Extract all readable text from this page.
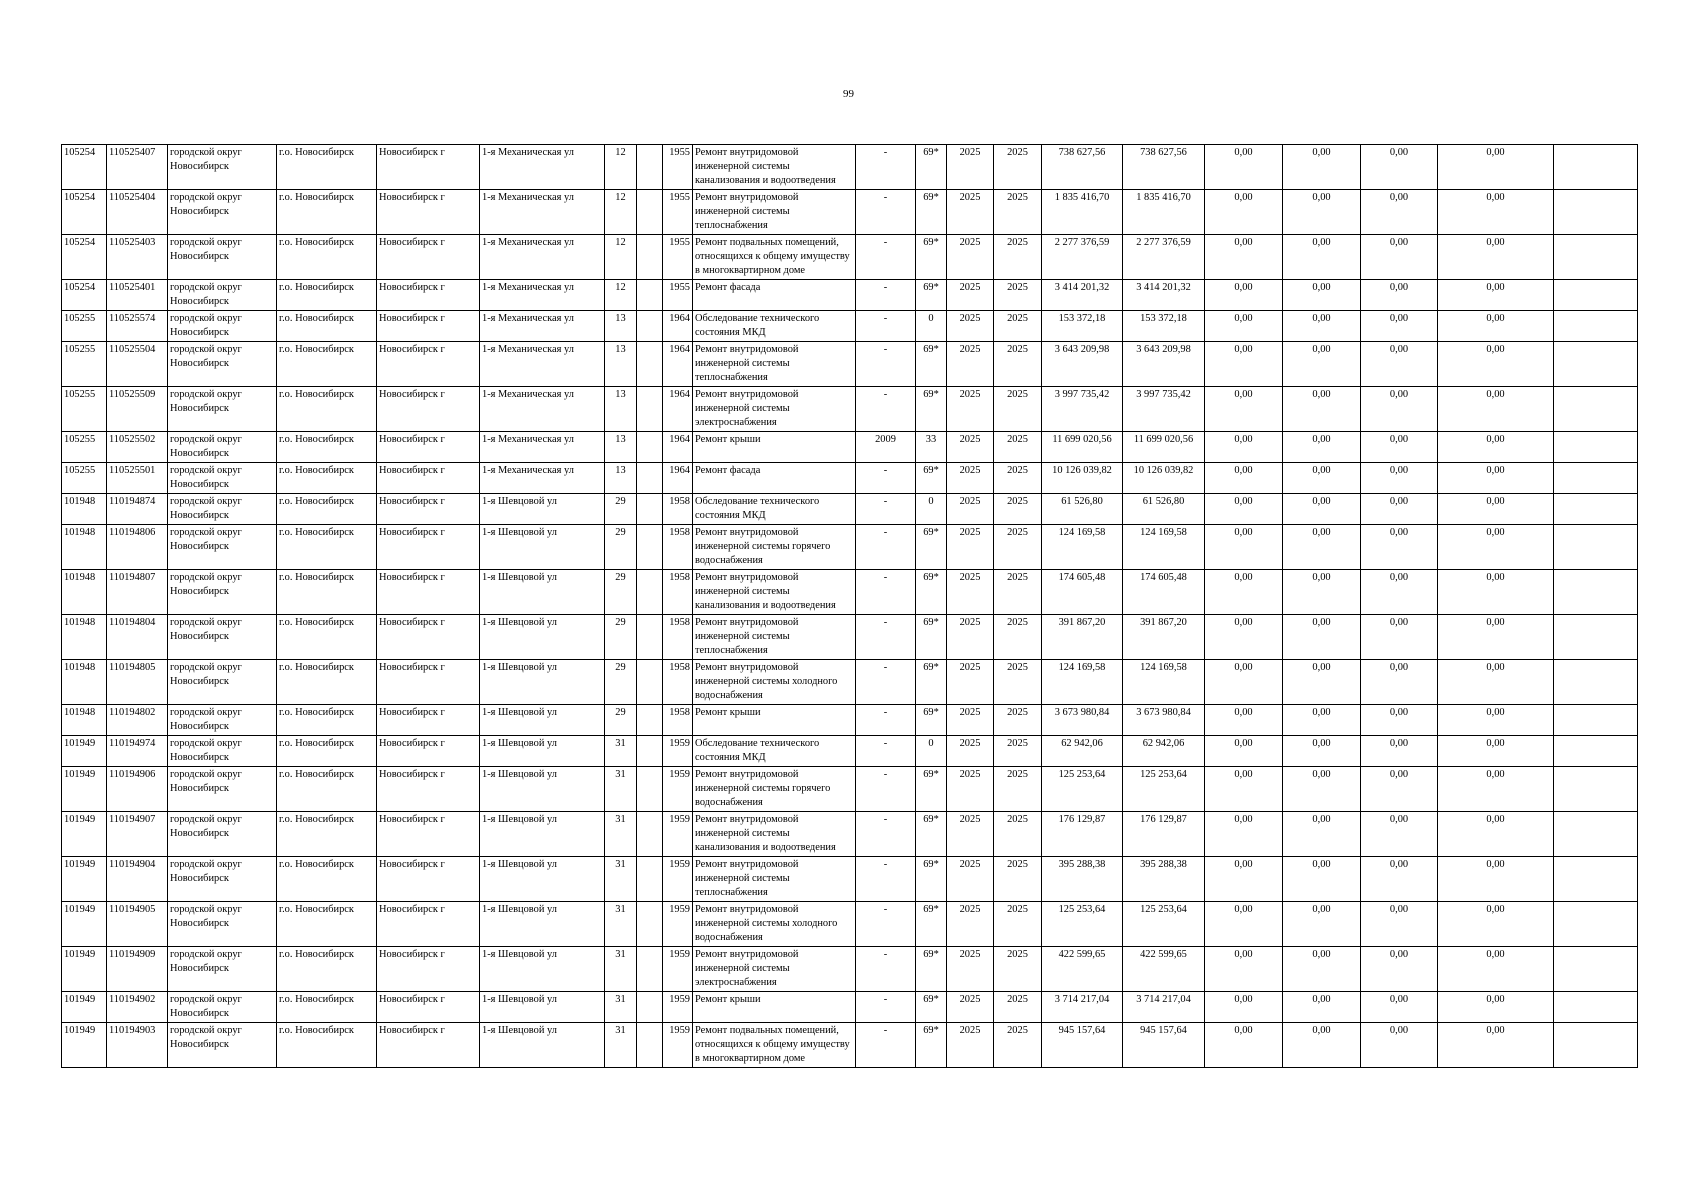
99
105254	110525407	городской округ Новосибирск	г.о. Новосибирск	Новосибирск г	1-я Механическая ул	12		1955	Ремонт внутридомовой инженерной системы канализования и водоотведения	-	69*	2025	2025	738 627,56	738 627,56	0,00	0,00	0,00	0,00	
105254	110525404	городской округ Новосибирск	г.о. Новосибирск	Новосибирск г	1-я Механическая ул	12		1955	Ремонт внутридомовой инженерной системы теплоснабжения	-	69*	2025	2025	1 835 416,70	1 835 416,70	0,00	0,00	0,00	0,00	
105254	110525403	городской округ Новосибирск	г.о. Новосибирск	Новосибирск г	1-я Механическая ул	12		1955	Ремонт подвальных помещений, относящихся к общему имуществу в многоквартирном доме	-	69*	2025	2025	2 277 376,59	2 277 376,59	0,00	0,00	0,00	0,00	
105254	110525401	городской округ Новосибирск	г.о. Новосибирск	Новосибирск г	1-я Механическая ул	12		1955	Ремонт фасада	-	69*	2025	2025	3 414 201,32	3 414 201,32	0,00	0,00	0,00	0,00	
105255	110525574	городской округ Новосибирск	г.о. Новосибирск	Новосибирск г	1-я Механическая ул	13		1964	Обследование технического состояния МКД	-	0	2025	2025	153 372,18	153 372,18	0,00	0,00	0,00	0,00	
105255	110525504	городской округ Новосибирск	г.о. Новосибирск	Новосибирск г	1-я Механическая ул	13		1964	Ремонт внутридомовой инженерной системы теплоснабжения	-	69*	2025	2025	3 643 209,98	3 643 209,98	0,00	0,00	0,00	0,00	
105255	110525509	городской округ Новосибирск	г.о. Новосибирск	Новосибирск г	1-я Механическая ул	13		1964	Ремонт внутридомовой инженерной системы электроснабжения	-	69*	2025	2025	3 997 735,42	3 997 735,42	0,00	0,00	0,00	0,00	
105255	110525502	городской округ Новосибирск	г.о. Новосибирск	Новосибирск г	1-я Механическая ул	13		1964	Ремонт крыши	2009	33	2025	2025	11 699 020,56	11 699 020,56	0,00	0,00	0,00	0,00	
105255	110525501	городской округ Новосибирск	г.о. Новосибирск	Новосибирск г	1-я Механическая ул	13		1964	Ремонт фасада	-	69*	2025	2025	10 126 039,82	10 126 039,82	0,00	0,00	0,00	0,00	
101948	110194874	городской округ Новосибирск	г.о. Новосибирск	Новосибирск г	1-я Шевцовой ул	29		1958	Обследование технического состояния МКД	-	0	2025	2025	61 526,80	61 526,80	0,00	0,00	0,00	0,00	
101948	110194806	городской округ Новосибирск	г.о. Новосибирск	Новосибирск г	1-я Шевцовой ул	29		1958	Ремонт внутридомовой инженерной системы горячего водоснабжения	-	69*	2025	2025	124 169,58	124 169,58	0,00	0,00	0,00	0,00	
101948	110194807	городской округ Новосибирск	г.о. Новосибирск	Новосибирск г	1-я Шевцовой ул	29		1958	Ремонт внутридомовой инженерной системы канализования и водоотведения	-	69*	2025	2025	174 605,48	174 605,48	0,00	0,00	0,00	0,00	
101948	110194804	городской округ Новосибирск	г.о. Новосибирск	Новосибирск г	1-я Шевцовой ул	29		1958	Ремонт внутридомовой инженерной системы теплоснабжения	-	69*	2025	2025	391 867,20	391 867,20	0,00	0,00	0,00	0,00	
101948	110194805	городской округ Новосибирск	г.о. Новосибирск	Новосибирск г	1-я Шевцовой ул	29		1958	Ремонт внутридомовой инженерной системы холодного водоснабжения	-	69*	2025	2025	124 169,58	124 169,58	0,00	0,00	0,00	0,00	
101948	110194802	городской округ Новосибирск	г.о. Новосибирск	Новосибирск г	1-я Шевцовой ул	29		1958	Ремонт крыши	-	69*	2025	2025	3 673 980,84	3 673 980,84	0,00	0,00	0,00	0,00	
101949	110194974	городской округ Новосибирск	г.о. Новосибирск	Новосибирск г	1-я Шевцовой ул	31		1959	Обследование технического состояния МКД	-	0	2025	2025	62 942,06	62 942,06	0,00	0,00	0,00	0,00	
101949	110194906	городской округ Новосибирск	г.о. Новосибирск	Новосибирск г	1-я Шевцовой ул	31		1959	Ремонт внутридомовой инженерной системы горячего водоснабжения	-	69*	2025	2025	125 253,64	125 253,64	0,00	0,00	0,00	0,00	
101949	110194907	городской округ Новосибирск	г.о. Новосибирск	Новосибирск г	1-я Шевцовой ул	31		1959	Ремонт внутридомовой инженерной системы канализования и водоотведения	-	69*	2025	2025	176 129,87	176 129,87	0,00	0,00	0,00	0,00	
101949	110194904	городской округ Новосибирск	г.о. Новосибирск	Новосибирск г	1-я Шевцовой ул	31		1959	Ремонт внутридомовой инженерной системы теплоснабжения	-	69*	2025	2025	395 288,38	395 288,38	0,00	0,00	0,00	0,00	
101949	110194905	городской округ Новосибирск	г.о. Новосибирск	Новосибирск г	1-я Шевцовой ул	31		1959	Ремонт внутридомовой инженерной системы холодного водоснабжения	-	69*	2025	2025	125 253,64	125 253,64	0,00	0,00	0,00	0,00	
101949	110194909	городской округ Новосибирск	г.о. Новосибирск	Новосибирск г	1-я Шевцовой ул	31		1959	Ремонт внутридомовой инженерной системы электроснабжения	-	69*	2025	2025	422 599,65	422 599,65	0,00	0,00	0,00	0,00	
101949	110194902	городской округ Новосибирск	г.о. Новосибирск	Новосибирск г	1-я Шевцовой ул	31		1959	Ремонт крыши	-	69*	2025	2025	3 714 217,04	3 714 217,04	0,00	0,00	0,00	0,00	
101949	110194903	городской округ Новосибирск	г.о. Новосибирск	Новосибирск г	1-я Шевцовой ул	31		1959	Ремонт подвальных помещений, относящихся к общему имуществу в многоквартирном доме	-	69*	2025	2025	945 157,64	945 157,64	0,00	0,00	0,00	0,00	
